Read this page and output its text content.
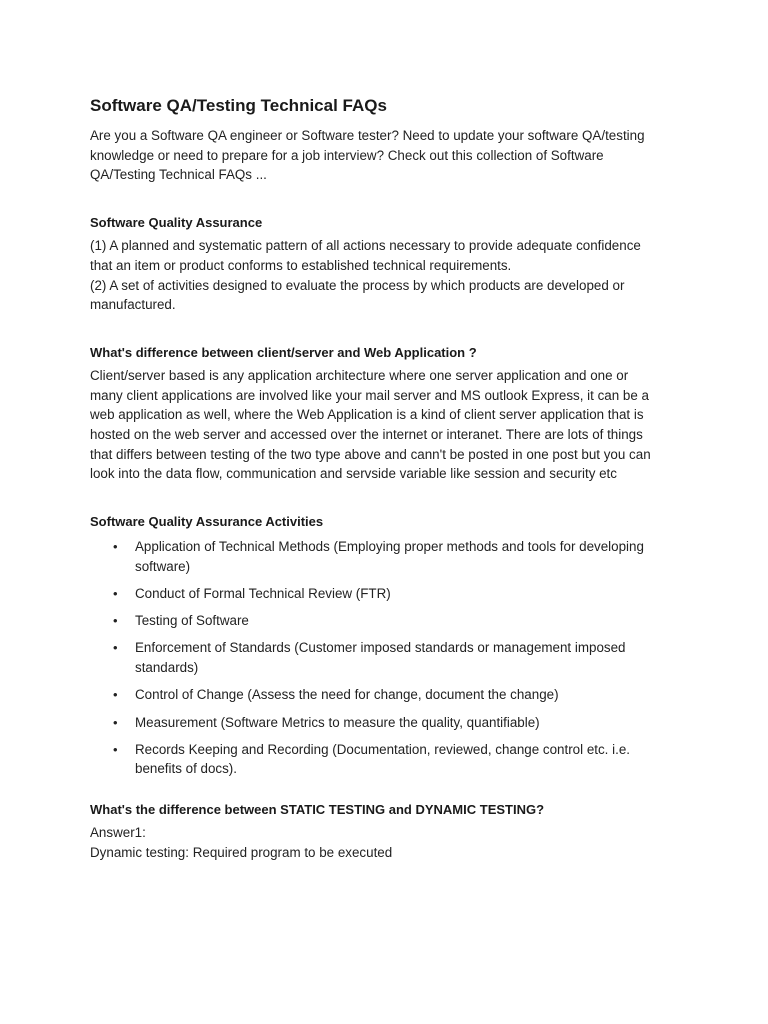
Software QA/Testing Technical FAQs

Are you a Software QA engineer or Software tester? Need to update your software QA/testing
knowledge or need to prepare for a job interview? Check out this collection of Software
QA/Testing Technical FAQs ...

Software Quality Assurance

(1) A planned and systematic pattern of all actions necessary to provide adequate confidence
that an item or product conforms to established technical requirements.
(2) A set of activities designed to evaluate the process by which products are developed or
manufactured.

What's difference between client/server and Web Application ?

Client/server based is any application architecture where one server application and one or
many client applications are involved like your mail server and MS outlook Express, it can be a
web application as well, where the Web Application is a kind of client server application that is
hosted on the web server and accessed over the internet or interanet. There are lots of things
that differs between testing of the two type above and cann't be posted in one post but you can
look into the data flow, communication and servside variable like session and security etc

Software Quality Assurance Activities
• Application of Technical Methods (Employing proper methods and tools for developing
software)
• Conduct of Formal Technical Review (FTR)
• Testing of Software
• Enforcement of Standards (Customer imposed standards or management imposed
standards)
• Control of Change (Assess the need for change, document the change)
• Measurement (Software Metrics to measure the quality, quantifiable)
• Records Keeping and Recording (Documentation, reviewed, change control etc. i.e.
benefits of docs).
What's the difference between STATIC TESTING and DYNAMIC TESTING?

Answer1:
Dynamic testing: Required program to be executed
